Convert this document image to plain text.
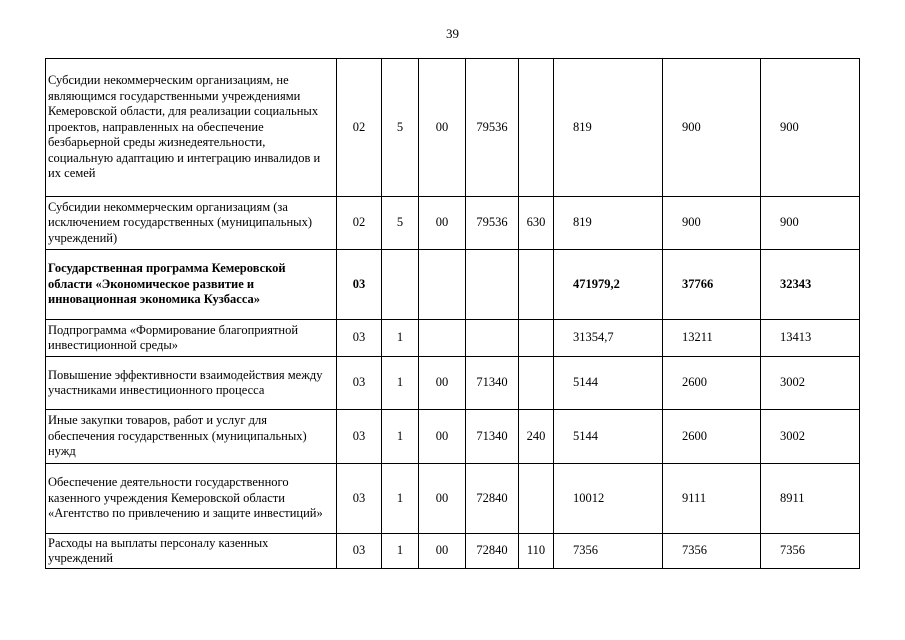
39
Субсидии некоммерческим организациям, не являющимся государственными учреждениями Кемеровской области, для реализации социальных проектов, направленных на обеспечение безбарьерной среды жизнедеятельности, социальную адаптацию и интеграцию инвалидов и их семей	02	5	00	79536		819	900	900
Субсидии некоммерческим организациям (за исключением государственных (муниципальных) учреждений)	02	5	00	79536	630	819	900	900
Государственная программа Кемеровской области «Экономическое развитие и инновационная экономика Кузбасса»	03					471979,2	37766	32343
Подпрограмма «Формирование благоприятной инвестиционной среды»	03	1				31354,7	13211	13413
Повышение эффективности взаимодействия между участниками инвестиционного процесса	03	1	00	71340		5144	2600	3002
Иные закупки товаров, работ и услуг для обеспечения государственных (муниципальных) нужд	03	1	00	71340	240	5144	2600	3002
Обеспечение деятельности государственного казенного учреждения Кемеровской области «Агентство по привлечению и защите инвестиций»	03	1	00	72840		10012	9111	8911
Расходы на выплаты персоналу казенных учреждений	03	1	00	72840	110	7356	7356	7356
